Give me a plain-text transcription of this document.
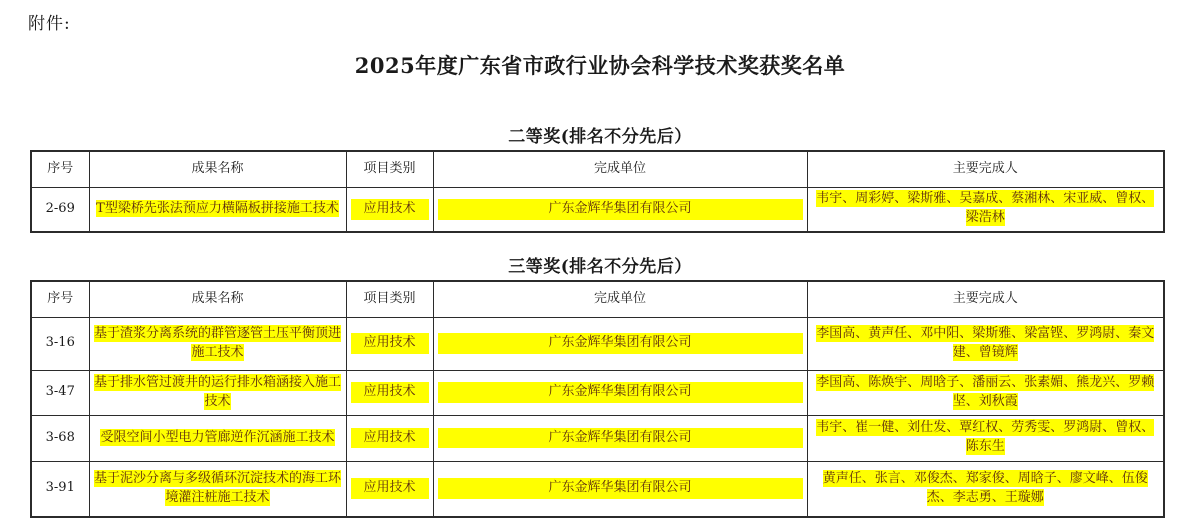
附件:
2025年度广东省市政行业协会科学技术奖获奖名单
二等奖(排名不分先后）
序号	成果名称	项目类别	完成单位	主要完成人
2-69	T型梁桥先张法预应力横隔板拼接施工技术	应用技术	广东金辉华集团有限公司	韦宇、周彩婷、梁斯雅、吴嘉成、蔡湘林、宋亚威、曾权、梁浩林
三等奖(排名不分先后）
序号	成果名称	项目类别	完成单位	主要完成人
3-16	基于渣浆分离系统的群管逐管土压平衡顶进施工技术	应用技术	广东金辉华集团有限公司	李国高、黄声任、邓中阳、梁斯雅、梁富铿、罗鸿尉、秦文建、曾镜辉
3-47	基于排水管过渡井的运行排水箱涵接入施工技术	应用技术	广东金辉华集团有限公司	李国高、陈焕宇、周晗子、潘丽云、张素媚、熊龙兴、罗赖坚、刘秋霞
3-68	受限空间小型电力管廊逆作沉涵施工技术	应用技术	广东金辉华集团有限公司	韦宇、崔一健、刘仕发、覃红权、劳秀雯、罗鸿尉、曾权、陈东生
3-91	基于泥沙分离与多级循环沉淀技术的海工环境灌注桩施工技术	应用技术	广东金辉华集团有限公司	黄声任、张言、邓俊杰、郑家俊、周晗子、廖文峰、伍俊杰、李志勇、王璇娜
